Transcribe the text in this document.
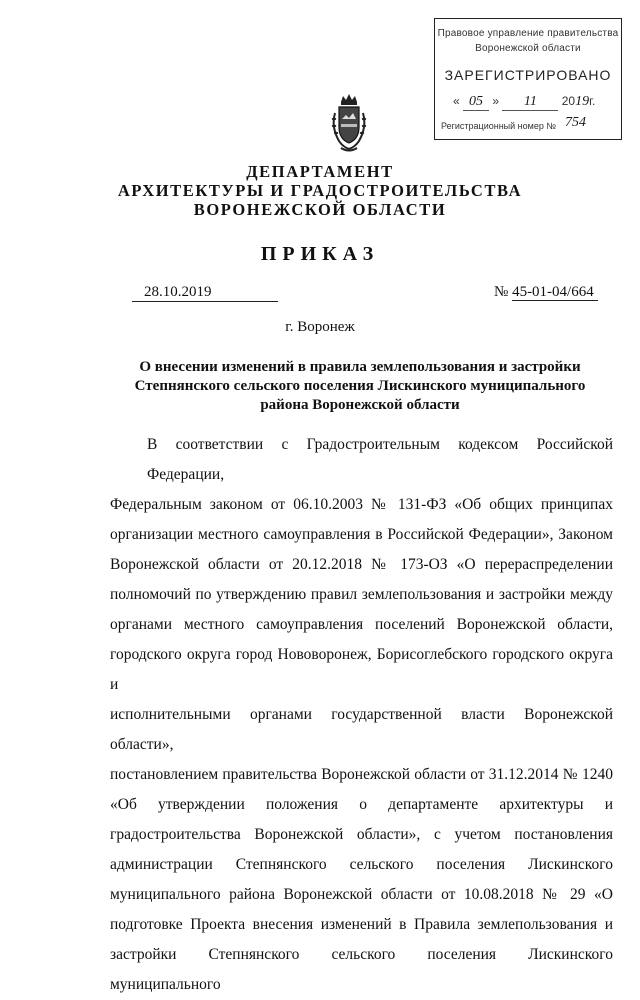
Правовое управление правительства
Воронежской области
ЗАРЕГИСТРИРОВАНО
« 05 » 11 2019г.
Регистрационный номер № 754
ДЕПАРТАМЕНТ
АРХИТЕКТУРЫ И ГРАДОСТРОИТЕЛЬСТВА
ВОРОНЕЖСКОЙ ОБЛАСТИ
ПРИКАЗ
28.10.2019	№ 45-01-04/664
г. Воронеж
О внесении изменений в правила землепользования и застройки
Степнянского сельского поселения Лискинского муниципального
района Воронежской области
В соответствии с Градостроительным кодексом Российской Федерации,
Федеральным законом от 06.10.2003 № 131-ФЗ «Об общих принципах
организации местного самоуправления в Российской Федерации», Законом
Воронежской области от 20.12.2018 № 173-ОЗ «О перераспределении
полномочий по утверждению правил землепользования и застройки между
органами местного самоуправления поселений Воронежской области,
городского округа город Нововоронеж, Борисоглебского городского округа и
исполнительными органами государственной власти Воронежской области»,
постановлением правительства Воронежской области от 31.12.2014 № 1240
«Об утверждении положения о департаменте архитектуры и
градостроительства Воронежской области», с учетом постановления
администрации Степнянского сельского поселения Лискинского
муниципального района Воронежской области от 10.08.2018 № 29 «О
подготовке Проекта внесения изменений в Правила землепользования и
застройки Степнянского сельского поселения Лискинского муниципального
